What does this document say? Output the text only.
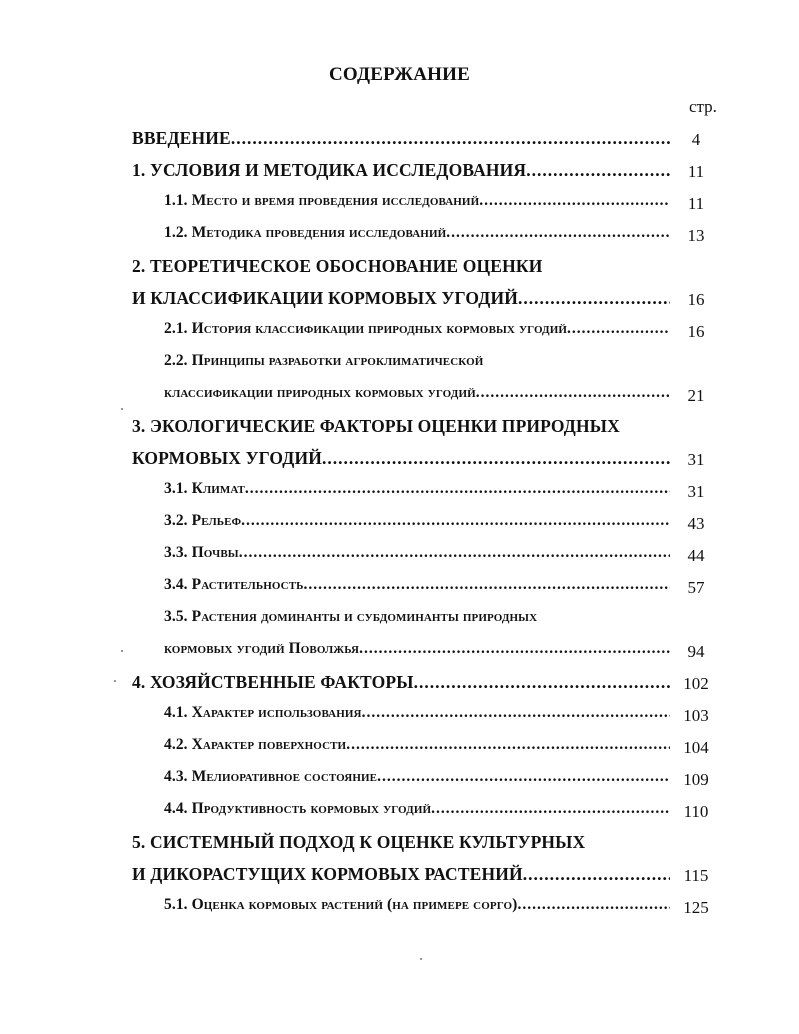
СОДЕРЖАНИЕ
стр.
ВВЕДЕНИЕ .....	4
1. УСЛОВИЯ И МЕТОДИКА ИССЛЕДОВАНИЯ .....	11
1.1. Место и время проведения исследований .....	11
1.2. Методика проведения исследований .....	13
2. ТЕОРЕТИЧЕСКОЕ ОБОСНОВАНИЕ ОЦЕНКИ
И КЛАССИФИКАЦИИ КОРМОВЫХ УГОДИЙ .....	16
2.1. История классификации природных кормовых угодий .....	16
2.2. Принципы разработки агроклиматической
классификации природных кормовых угодий .....	21
3. ЭКОЛОГИЧЕСКИЕ ФАКТОРЫ ОЦЕНКИ ПРИРОДНЫХ
КОРМОВЫХ УГОДИЙ .....	31
3.1. Климат .....	31
3.2. Рельеф .....	43
3.3. Почвы .....	44
3.4. Растительность .....	57
3.5. Растения доминанты и субдоминанты природных
кормовых угодий Поволжья .....	94
4. ХОЗЯЙСТВЕННЫЕ ФАКТОРЫ .....	102
4.1. Характер использования .....	103
4.2. Характер поверхности .....	104
4.3. Мелиоративное состояние .....	109
4.4. Продуктивность кормовых угодий .....	110
5. СИСТЕМНЫЙ ПОДХОД К ОЦЕНКЕ КУЛЬТУРНЫХ
И ДИКОРАСТУЩИХ КОРМОВЫХ РАСТЕНИЙ .....	115
5.1. Оценка кормовых растений (на примере сорго) .....	125
